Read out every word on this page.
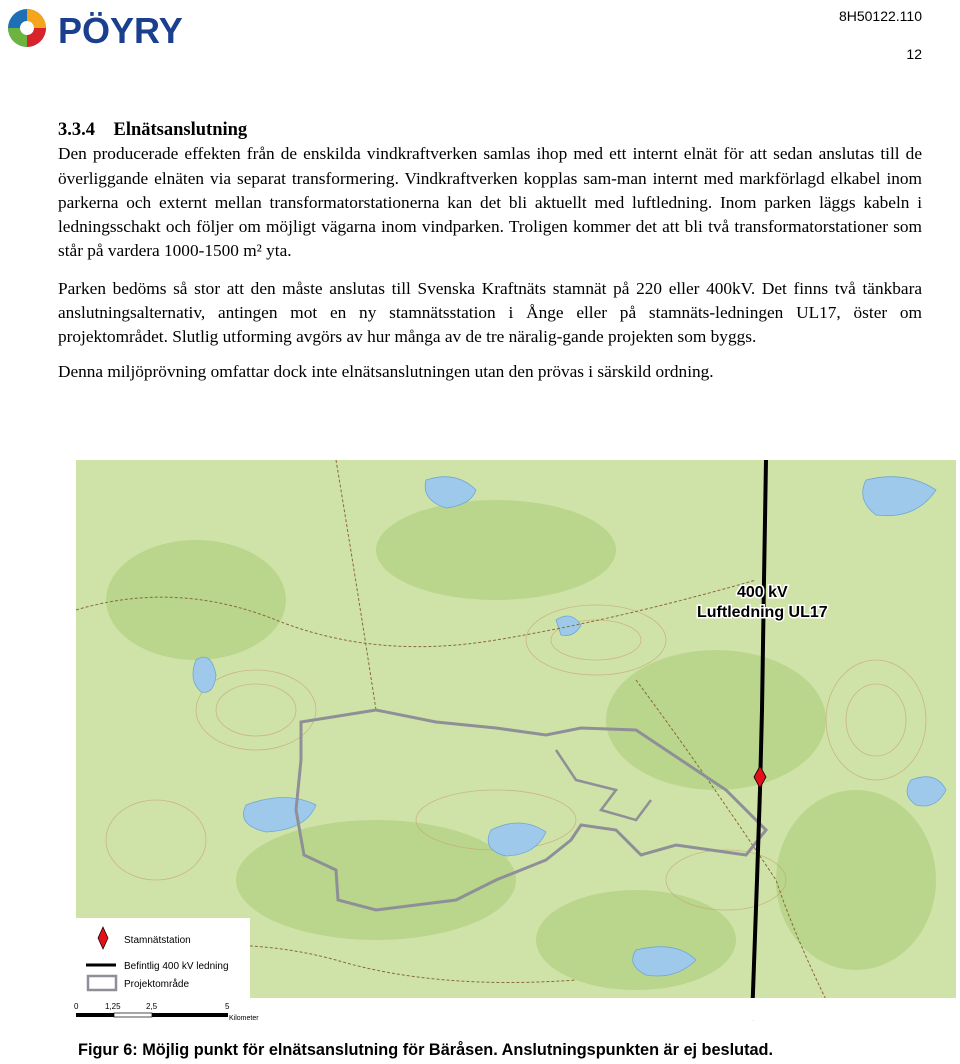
PÖYRY	8H50122.110
12
3.3.4 Elnätsanslutning

Den producerade effekten från de enskilda vindkraftverken samlas ihop med ett internt elnät för att sedan anslutas till de överliggande elnäten via separat transformering. Vindkraftverken kopplas sam-man internt med markförlagd elkabel inom parkerna och externt mellan transformatorstationerna kan det bli aktuellt med luftledning. Inom parken läggs kabeln i ledningsschakt och följer om möjligt vägarna inom vindparken. Troligen kommer det att bli två transformatorstationer som står på vardera 1000-1500 m² yta.

Parken bedöms så stor att den måste anslutas till Svenska Kraftnäts stamnät på 220 eller 400kV. Det finns två tänkbara anslutningsalternativ, antingen mot en ny stamnätsstation i Ånge eller på stamnäts-ledningen UL17, öster om projektområdet. Slutlig utforming avgörs av hur många av de tre näralig-gande projekten som byggs.

Denna miljöprövning omfattar dock inte elnätsanslutningen utan den prövas i särskild ordning.

400 kV
Luftledning UL17
Stamnätstation
Befintlig 400 kV ledning
Projektområde
0	1,25	2,5	5
Kilometer
Figur 6: Möjlig punkt för elnätsanslutning för Bäråsen. Anslutningspunkten är ej beslutad.
